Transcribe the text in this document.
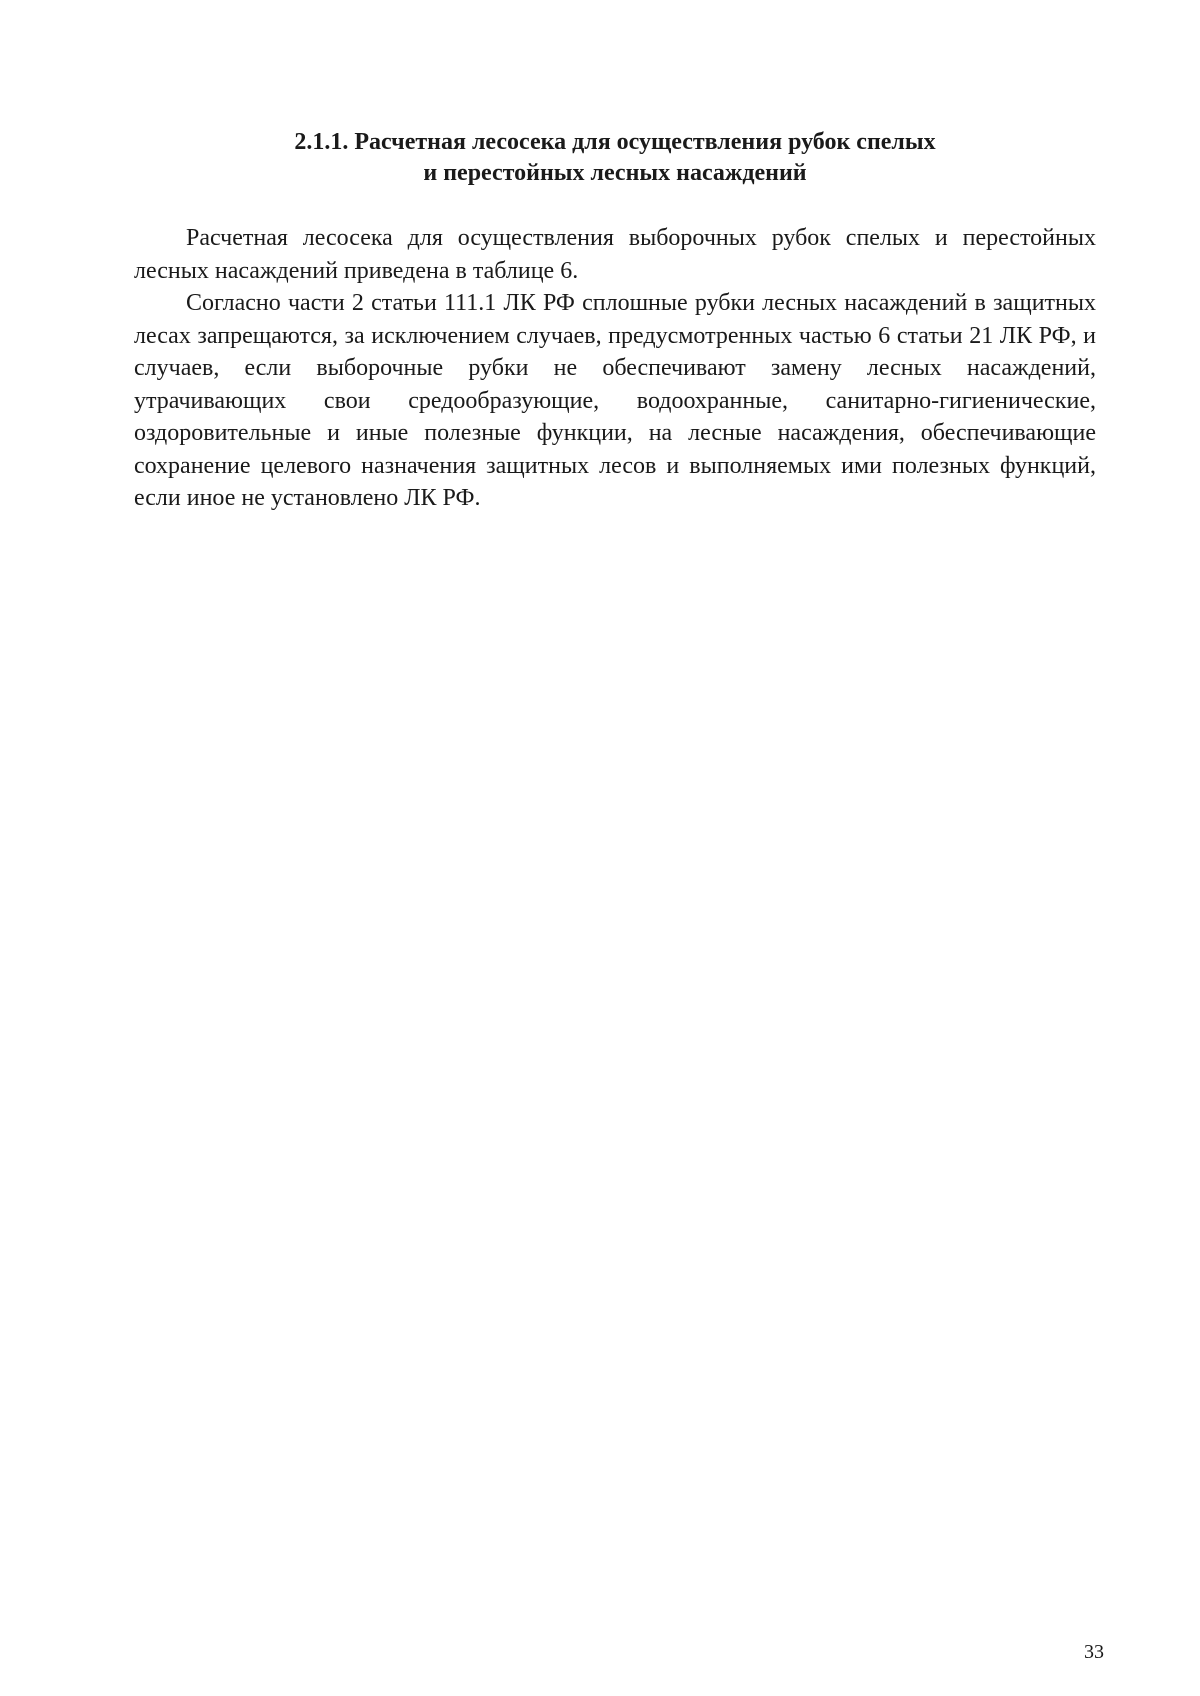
2.1.1. Расчетная лесосека для осуществления рубок спелых
и перестойных лесных насаждений

Расчетная лесосека для осуществления выборочных рубок спелых и перестойных лесных насаждений приведена в таблице 6.

Согласно части 2 статьи 111.1 ЛК РФ сплошные рубки лесных насаждений в защитных лесах запрещаются, за исключением случаев, предусмотренных частью 6 статьи 21 ЛК РФ, и случаев, если выборочные рубки не обеспечивают замену лесных насаждений, утрачивающих свои средообразующие, водоохранные, санитарно-гигиенические, оздоровительные и иные полезные функции, на лесные насаждения, обеспечивающие сохранение целевого назначения защитных лесов и выполняемых ими полезных функций, если иное не установлено ЛК РФ.

33
